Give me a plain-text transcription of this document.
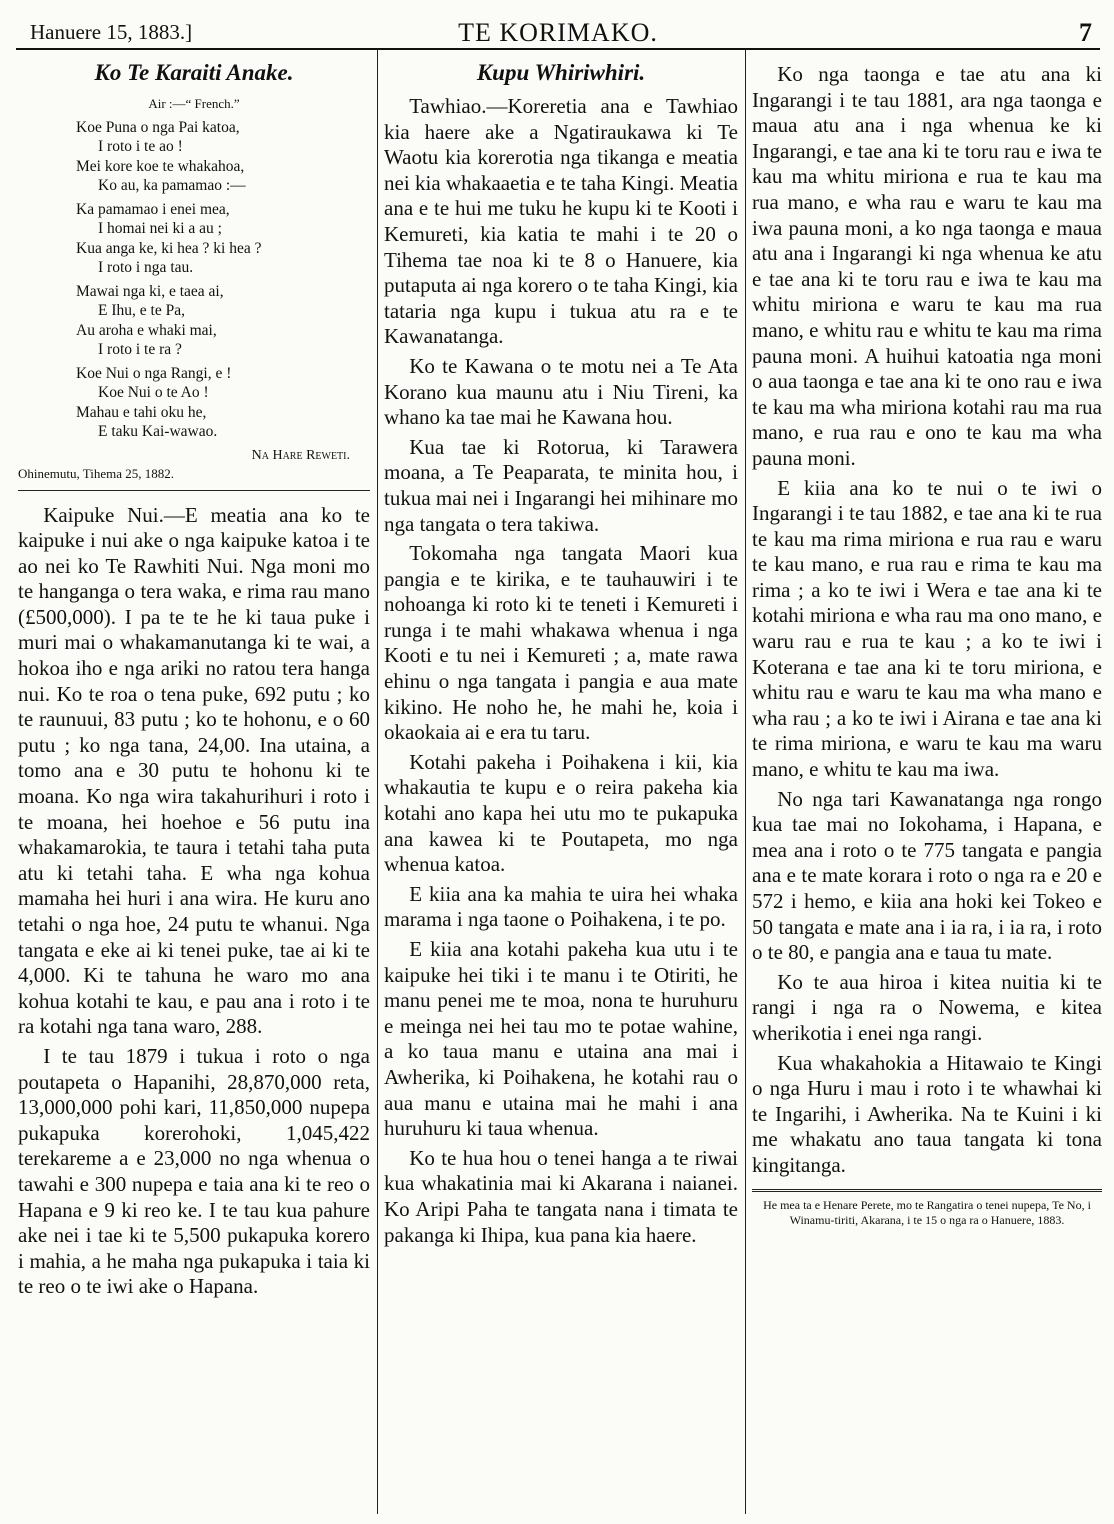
Hanuere 15, 1883.]	TE KORIMAKO.	7
Ko Te Karaiti Anake.
Air :—“ French.”
Koe Puna o nga Pai katoa,
I roto i te ao !
Mei kore koe te whakahoa,
Ko au, ka pamamao :—
Ka pamamao i enei mea,
I homai nei ki a au ;
Kua anga ke, ki hea ? ki hea ?
I roto i nga tau.
Mawai nga ki, e taea ai,
E Ihu, e te Pa,
Au aroha e whaki mai,
I roto i te ra ?
Koe Nui o nga Rangi, e !
Koe Nui o te Ao !
Mahau e tahi oku he,
E taku Kai-wawao.
Na Hare Reweti.
Ohinemutu, Tihema 25, 1882.

Kaipuke Nui.—E meatia ana ko te kaipuke i nui ake o nga kaipuke katoa i te ao nei ko Te Rawhiti Nui. Nga moni mo te hanganga o tera waka, e rima rau mano (£500,000). I pa te te he ki taua puke i muri mai o whakamanutanga ki te wai, a hokoa iho e nga ariki no ratou tera hanga nui. Ko te roa o tena puke, 692 putu ; ko te raunuui, 83 putu ; ko te hohonu, e o 60 putu ; ko nga tana, 24,00. Ina utaina, a tomo ana e 30 putu te hohonu ki te moana. Ko nga wira takahurihuri i roto i te moana, hei hoehoe e 56 putu ina whakamarokia, te taura i tetahi taha puta atu ki tetahi taha. E wha nga kohua mamaha hei huri i ana wira. He kuru ano tetahi o nga hoe, 24 putu te whanui. Nga tangata e eke ai ki tenei puke, tae ai ki te 4,000. Ki te tahuna he waro mo ana kohua kotahi te kau, e pau ana i roto i te ra kotahi nga tana waro, 288.

I te tau 1879 i tukua i roto o nga poutapeta o Hapanihi, 28,870,000 reta, 13,000,000 pohi kari, 11,850,000 nupepa pukapuka korerohoki, 1,045,422 terekareme a e 23,000 no nga whenua o tawahi e 300 nupepa e taia ana ki te reo o Hapana e 9 ki reo ke. I te tau kua pahure ake nei i tae ki te 5,500 pukapuka korero i mahia, a he maha nga pukapuka i taia ki te reo o te iwi ake o Hapana.

Kupu Whiriwhiri.

Tawhiao.—Koreretia ana e Tawhiao kia haere ake a Ngatiraukawa ki Te Waotu kia korerotia nga tikanga e meatia nei kia whakaaetia e te taha Kingi. Meatia ana e te hui me tuku he kupu ki te Kooti i Kemureti, kia katia te mahi i te 20 o Tihema tae noa ki te 8 o Hanuere, kia putaputa ai nga korero o te taha Kingi, kia tataria nga kupu i tukua atu ra e te Kawanatanga.

Ko te Kawana o te motu nei a Te Ata Korano kua maunu atu i Niu Tireni, ka whano ka tae mai he Kawana hou.

Kua tae ki Rotorua, ki Tarawera moana, a Te Peaparata, te minita hou, i tukua mai nei i Ingarangi hei mihinare mo nga tangata o tera takiwa.

Tokomaha nga tangata Maori kua pangia e te kirika, e te tauhauwiri i te nohoanga ki roto ki te teneti i Kemureti i runga i te mahi whakawa whenua i nga Kooti e tu nei i Kemureti ; a, mate rawa ehinu o nga tangata i pangia e aua mate kikino. He noho he, he mahi he, koia i okaokaia ai e era tu taru.

Kotahi pakeha i Poihakena i kii, kia whakautia te kupu e o reira pakeha kia kotahi ano kapa hei utu mo te pukapuka ana kawea ki te Poutapeta, mo nga whenua katoa.

E kiia ana ka mahia te uira hei whaka marama i nga taone o Poihakena, i te po.

E kiia ana kotahi pakeha kua utu i te kaipuke hei tiki i te manu i te Otiriti, he manu penei me te moa, nona te huruhuru e meinga nei hei tau mo te potae wahine, a ko taua manu e utaina ana mai i Awherika, ki Poihakena, he kotahi rau o aua manu e utaina mai he mahi i ana huruhuru ki taua whenua.

Ko te hua hou o tenei hanga a te riwai kua whakatinia mai ki Akarana i naianei. Ko Aripi Paha te tangata nana i timata te pakanga ki Ihipa, kua pana kia haere.

Ko nga taonga e tae atu ana ki Ingarangi i te tau 1881, ara nga taonga e maua atu ana i nga whenua ke ki Ingarangi, e tae ana ki te toru rau e iwa te kau ma whitu miriona e rua te kau ma rua mano, e wha rau e waru te kau ma iwa pauna moni, a ko nga taonga e maua atu ana i Ingarangi ki nga whenua ke atu e tae ana ki te toru rau e iwa te kau ma whitu miriona e waru te kau ma rua mano, e whitu rau e whitu te kau ma rima pauna moni. A huihui katoatia nga moni o aua taonga e tae ana ki te ono rau e iwa te kau ma wha miriona kotahi rau ma rua mano, e rua rau e ono te kau ma wha pauna moni.

E kiia ana ko te nui o te iwi o Ingarangi i te tau 1882, e tae ana ki te rua te kau ma rima miriona e rua rau e waru te kau mano, e rua rau e rima te kau ma rima ; a ko te iwi i Wera e tae ana ki te kotahi miriona e wha rau ma ono mano, e waru rau e rua te kau ; a ko te iwi i Koterana e tae ana ki te toru miriona, e whitu rau e waru te kau ma wha mano e wha rau ; a ko te iwi i Airana e tae ana ki te rima miriona, e waru te kau ma waru mano, e whitu te kau ma iwa.

No nga tari Kawanatanga nga rongo kua tae mai no Iokohama, i Hapana, e mea ana i roto o te 775 tangata e pangia ana e te mate korara i roto o nga ra e 20 e 572 i hemo, e kiia ana hoki kei Tokeo e 50 tangata e mate ana i ia ra, i ia ra, i roto o te 80, e pangia ana e taua tu mate.

Ko te aua hiroa i kitea nuitia ki te rangi i nga ra o Nowema, e kitea wherikotia i enei nga rangi.

Kua whakahokia a Hitawaio te Kingi o nga Huru i mau i roto i te whawhai ki te Ingarihi, i Awherika. Na te Kuini i ki me whakatu ano taua tangata ki tona kingitanga.

He mea ta e Henare Perete, mo te Rangatira o tenei nupepa, Te No, i Winamu-tiriti, Akarana, i te 15 o nga ra o Hanuere, 1883.
